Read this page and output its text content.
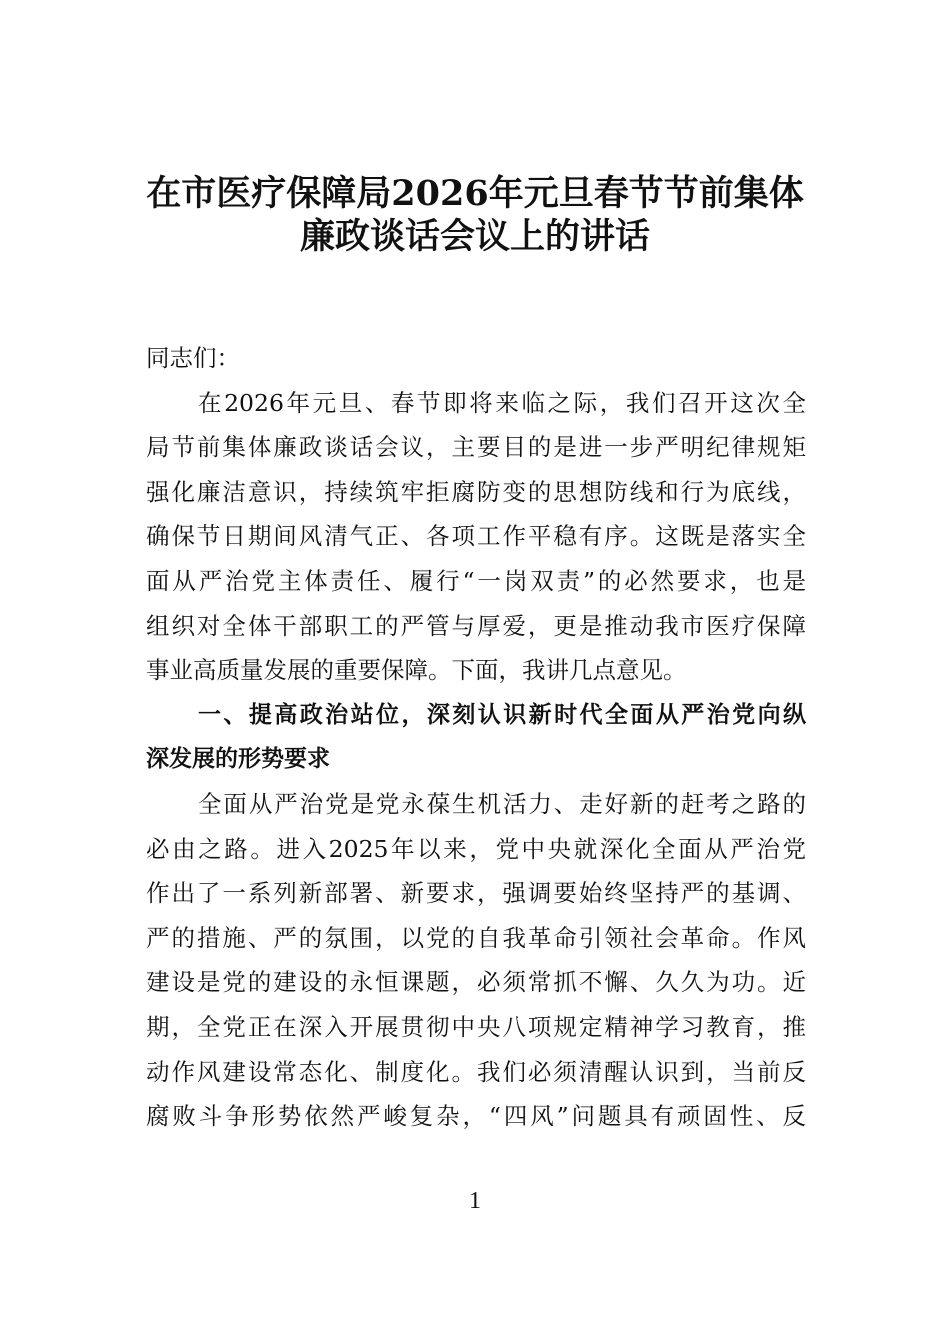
在市医疗保障局2026年元旦春节节前集体
廉政谈话会议上的讲话
同志们：
在2026年元旦、春节即将来临之际，我们召开这次全
局节前集体廉政谈话会议，主要目的是进一步严明纪律规矩
强化廉洁意识，持续筑牢拒腐防变的思想防线和行为底线，
确保节日期间风清气正、各项工作平稳有序。这既是落实全
面从严治党主体责任、履行“一岗双责”的必然要求，也是
组织对全体干部职工的严管与厚爱，更是推动我市医疗保障
事业高质量发展的重要保障。下面，我讲几点意见。
一、提高政治站位，深刻认识新时代全面从严治党向纵
深发展的形势要求
全面从严治党是党永葆生机活力、走好新的赶考之路的
必由之路。进入2025年以来，党中央就深化全面从严治党
作出了一系列新部署、新要求，强调要始终坚持严的基调、
严的措施、严的氛围，以党的自我革命引领社会革命。作风
建设是党的建设的永恒课题，必须常抓不懈、久久为功。近
期，全党正在深入开展贯彻中央八项规定精神学习教育，推
动作风建设常态化、制度化。我们必须清醒认识到，当前反
腐败斗争形势依然严峻复杂，“四风”问题具有顽固性、反
1
